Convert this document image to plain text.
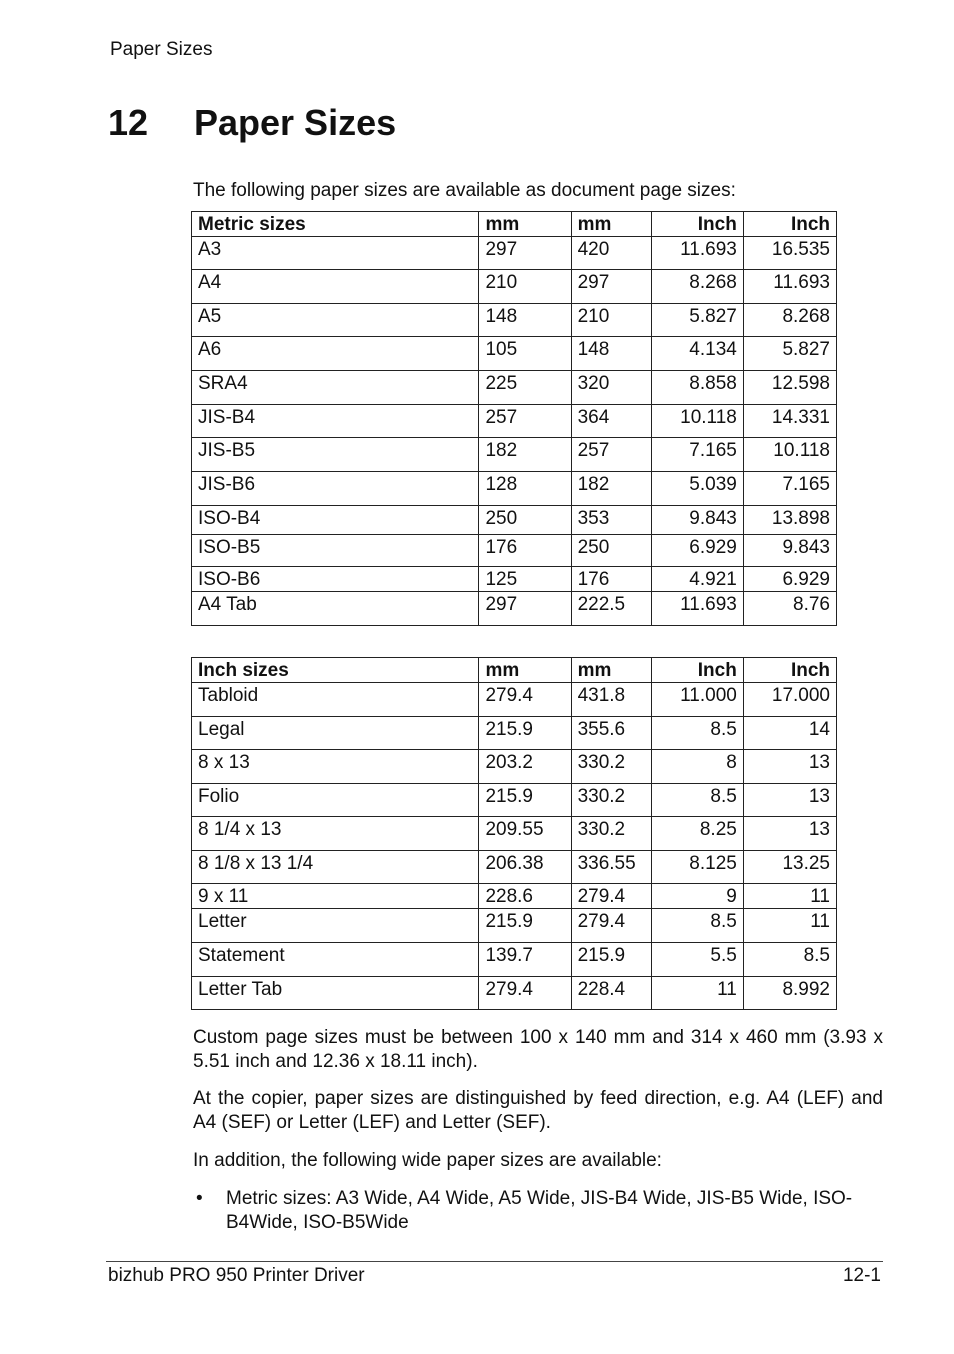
Paper Sizes
12 Paper Sizes

The following paper sizes are available as document page sizes:

Metric sizes	mm	mm	Inch	Inch
A3	297	420	11.693	16.535
A4	210	297	8.268	11.693
A5	148	210	5.827	8.268
A6	105	148	4.134	5.827
SRA4	225	320	8.858	12.598
JIS-B4	257	364	10.118	14.331
JIS-B5	182	257	7.165	10.118
JIS-B6	128	182	5.039	7.165
ISO-B4	250	353	9.843	13.898
ISO-B5	176	250	6.929	9.843
ISO-B6	125	176	4.921	6.929
A4 Tab	297	222.5	11.693	8.76
Inch sizes	mm	mm	Inch	Inch
Tabloid	279.4	431.8	11.000	17.000
Legal	215.9	355.6	8.5	14
8 x 13	203.2	330.2	8	13
Folio	215.9	330.2	8.5	13
8 1/4 x 13	209.55	330.2	8.25	13
8 1/8 x 13 1/4	206.38	336.55	8.125	13.25
9 x 11	228.6	279.4	9	11
Letter	215.9	279.4	8.5	11
Statement	139.7	215.9	5.5	8.5
Letter Tab	279.4	228.4	11	8.992

Custom page sizes must be between 100 x 140 mm and 314 x 460 mm (3.93 x 5.51 inch and 12.36 x 18.11 inch).

At the copier, paper sizes are distinguished by feed direction, e.g. A4 (LEF) and A4 (SEF) or Letter (LEF) and Letter (SEF).

In addition, the following wide paper sizes are available:

• Metric sizes: A3 Wide, A4 Wide, A5 Wide, JIS-B4 Wide, JIS-B5 Wide, ISO-B4Wide, ISO-B5Wide
bizhub PRO 950 Printer Driver	12-1
